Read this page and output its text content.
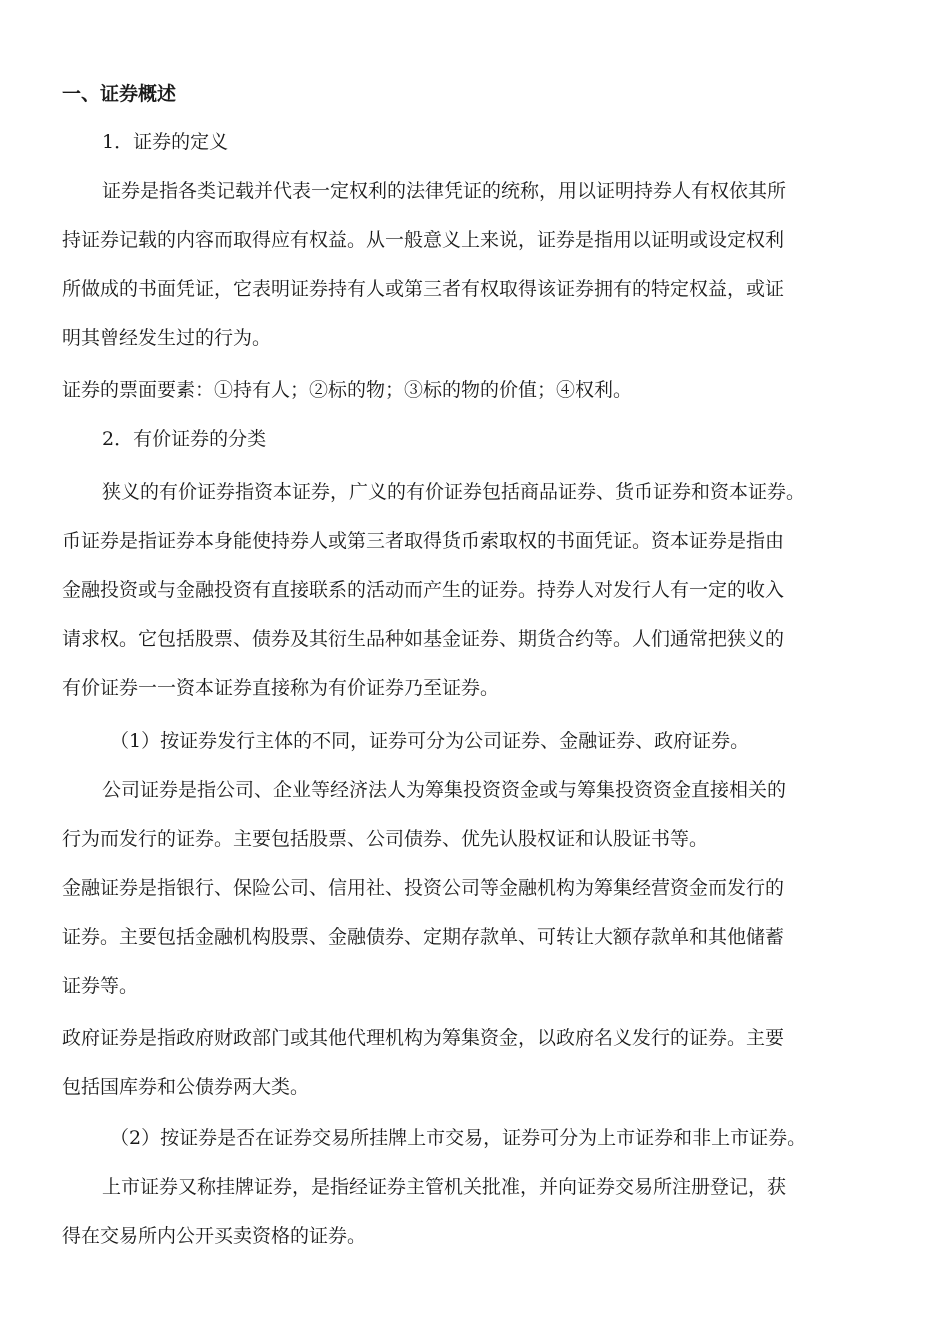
一、证券概述
1．证券的定义
证券是指各类记载并代表一定权利的法律凭证的统称，用以证明持券人有权依其所
持证券记载的内容而取得应有权益。从一般意义上来说，证券是指用以证明或设定权利
所做成的书面凭证，它表明证券持有人或第三者有权取得该证券拥有的特定权益，或证
明其曾经发生过的行为。
证券的票面要素：①持有人；②标的物；③标的物的价值；④权利。
2．有价证券的分类
狭义的有价证券指资本证券，广义的有价证券包括商品证券、货币证券和资本证券。
币证券是指证券本身能使持券人或第三者取得货币索取权的书面凭证。资本证券是指由
金融投资或与金融投资有直接联系的活动而产生的证券。持券人对发行人有一定的收入
请求权。它包括股票、债券及其衍生品种如基金证券、期货合约等。人们通常把狭义的
有价证券一一资本证券直接称为有价证券乃至证券。
（1）按证券发行主体的不同，证券可分为公司证券、金融证券、政府证券。
公司证券是指公司、企业等经济法人为筹集投资资金或与筹集投资资金直接相关的
行为而发行的证券。主要包括股票、公司债券、优先认股权证和认股证书等。
金融证券是指银行、保险公司、信用社、投资公司等金融机构为筹集经营资金而发行的
证券。主要包括金融机构股票、金融债券、定期存款单、可转让大额存款单和其他储蓄
证券等。
政府证券是指政府财政部门或其他代理机构为筹集资金，以政府名义发行的证券。主要
包括国库券和公债券两大类。
（2）按证券是否在证券交易所挂牌上市交易，证券可分为上市证券和非上市证券。
上市证券又称挂牌证券，是指经证券主管机关批准，并向证券交易所注册登记，获
得在交易所内公开买卖资格的证券。
